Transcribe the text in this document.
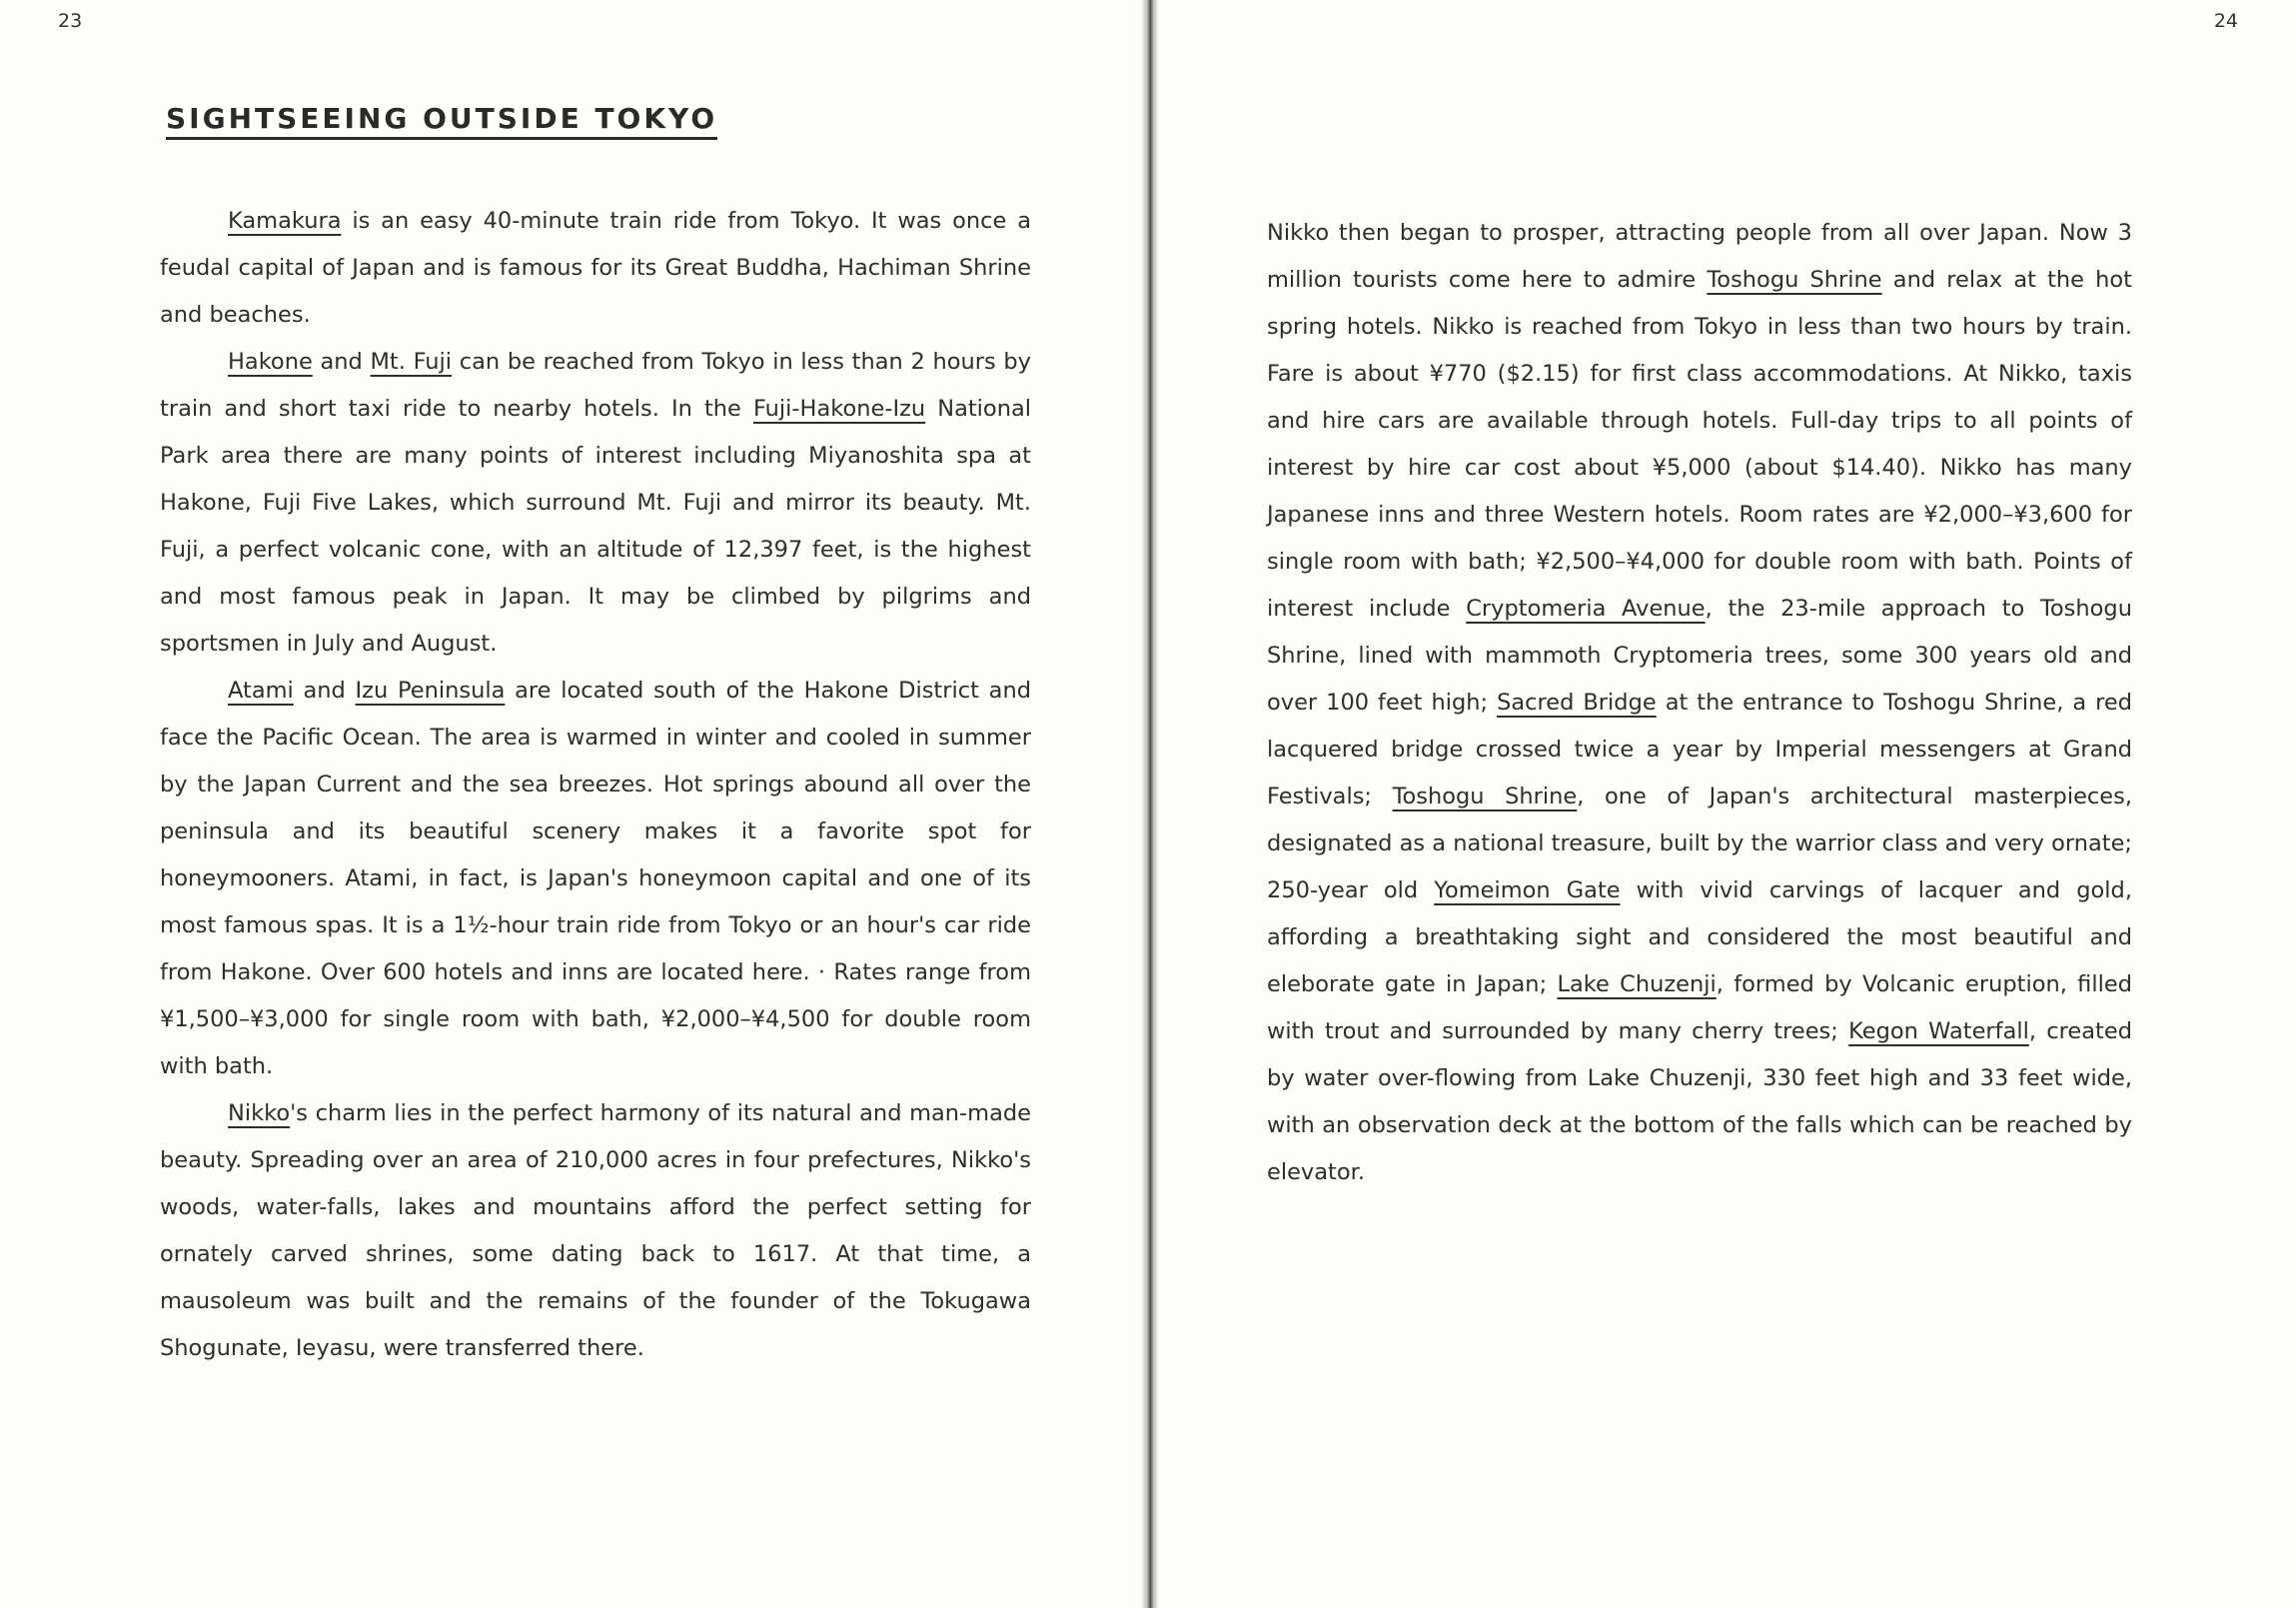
23
SIGHTSEEING OUTSIDE TOKYO

Kamakura is an easy 40-minute train ride from Tokyo. It was once a feudal capital of Japan and is famous for its Great Buddha, Hachiman Shrine and beaches.

Hakone and Mt. Fuji can be reached from Tokyo in less than 2 hours by train and short taxi ride to nearby hotels. In the Fuji-Hakone-Izu National Park area there are many points of interest including Miyanoshita spa at Hakone, Fuji Five Lakes, which surround Mt. Fuji and mirror its beauty. Mt. Fuji, a perfect volcanic cone, with an altitude of 12,397 feet, is the highest and most famous peak in Japan. It may be climbed by pilgrims and sportsmen in July and August.

Atami and Izu Peninsula are located south of the Hakone District and face the Pacific Ocean. The area is warmed in winter and cooled in summer by the Japan Current and the sea breezes. Hot springs abound all over the peninsula and its beautiful scenery makes it a favorite spot for honeymooners. Atami, in fact, is Japan's honeymoon capital and one of its most famous spas. It is a 1½-hour train ride from Tokyo or an hour's car ride from Hakone. Over 600 hotels and inns are located here. · Rates range from ¥1,500–¥3,000 for single room with bath, ¥2,000–¥4,500 for double room with bath.

Nikko's charm lies in the perfect harmony of its natural and man-made beauty. Spreading over an area of 210,000 acres in four prefectures, Nikko's woods, water-falls, lakes and mountains afford the perfect setting for ornately carved shrines, some dating back to 1617. At that time, a mausoleum was built and the remains of the founder of the Tokugawa Shogunate, Ieyasu, were transferred there.

24

Nikko then began to prosper, attracting people from all over Japan. Now 3 million tourists come here to admire Toshogu Shrine and relax at the hot spring hotels. Nikko is reached from Tokyo in less than two hours by train. Fare is about ¥770 ($2.15) for first class accommodations. At Nikko, taxis and hire cars are available through hotels. Full-day trips to all points of interest by hire car cost about ¥5,000 (about $14.40). Nikko has many Japanese inns and three Western hotels. Room rates are ¥2,000–¥3,600 for single room with bath; ¥2,500–¥4,000 for double room with bath. Points of interest include Cryptomeria Avenue, the 23-mile approach to Toshogu Shrine, lined with mammoth Cryptomeria trees, some 300 years old and over 100 feet high; Sacred Bridge at the entrance to Toshogu Shrine, a red lacquered bridge crossed twice a year by Imperial messengers at Grand Festivals; Toshogu Shrine, one of Japan's architectural masterpieces, designated as a national treasure, built by the warrior class and very ornate; 250-year old Yomeimon Gate with vivid carvings of lacquer and gold, affording a breathtaking sight and considered the most beautiful and eleborate gate in Japan; Lake Chuzenji, formed by Volcanic eruption, filled with trout and surrounded by many cherry trees; Kegon Waterfall, created by water over-flowing from Lake Chuzenji, 330 feet high and 33 feet wide, with an observation deck at the bottom of the falls which can be reached by elevator.
